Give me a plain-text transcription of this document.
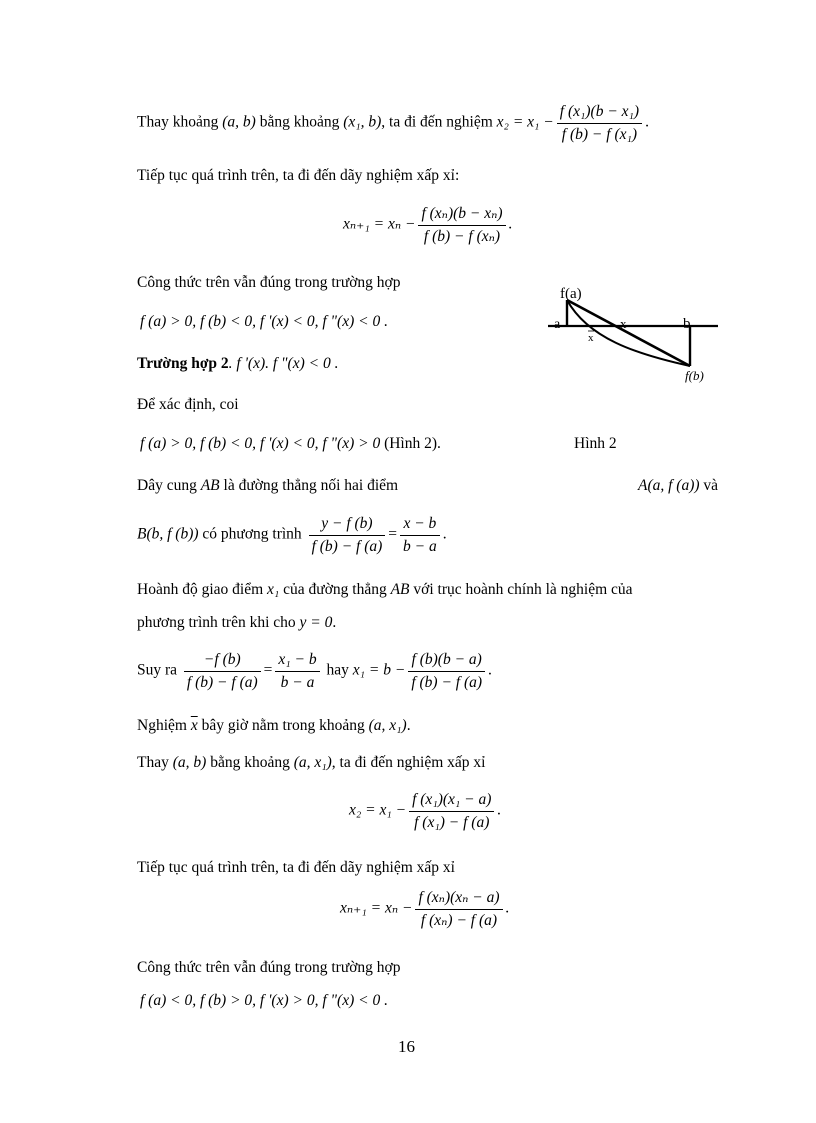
Thay khoảng (a, b) bằng khoảng (x₁, b), ta đi đến nghiệm $x_2 = x_1 - \frac{\text{f (x₁)(b − x₁)}}{\text{f (b) − f (x₁)}}$ .
Tiếp tục quá trình trên, ta đi đến dãy nghiệm xấp xỉ:
$x_{n+1} = x_n - \frac{\text{f (xₙ)(b − xₙ)}}{\text{f (b) − f (xₙ)}}$ .
Công thức trên vẫn đúng trong trường hợp
f (a) > 0, f (b) < 0, f '(x) < 0, f "(x) < 0 .
Trường hợp 2. f '(x). f "(x) < 0 .
Để xác định, coi
f (a) > 0, f (b) < 0, f '(x) < 0, f "(x) > 0 (Hình 2).	Hình 2
f(a)
a	x	b
x
f(b)
Dây cung AB là đường thẳng nối hai điểm	A(a, f (a)) và
B(b, f (b)) có phương trình $\frac{y - f (b)}{f (b) - f (a)} = \frac{x - b}{b - a}$ .
Hoành độ giao điểm x₁ của đường thẳng AB với trục hoành chính là nghiệm của
phương trình trên khi cho y = 0.
Suy ra $\frac{-f (b)}{f (b) - f (a)} = \frac{\text{x₁ − b}}{b - a}$ hay $x_1 = b - \frac{f (b)(b - a)}{f (b) - f (a)}$ .
Nghiệm $\overline{x}$ bây giờ nằm trong khoảng (a, x₁).
Thay (a, b) bằng khoảng (a, x₁), ta đi đến nghiệm xấp xỉ
$x_2 = x_1 - \frac{\text{f (x₁)(x₁ − a)}}{\text{f (x₁) − f (a)}}$ .
Tiếp tục quá trình trên, ta đi đến dãy nghiệm xấp xỉ
$x_{n+1} = x_n - \frac{\text{f (xₙ)(xₙ − a)}}{\text{f (xₙ) − f (a)}}$ .
Công thức trên vẫn đúng trong trường hợp
f (a) < 0, f (b) > 0, f '(x) > 0, f "(x) < 0 .
16
